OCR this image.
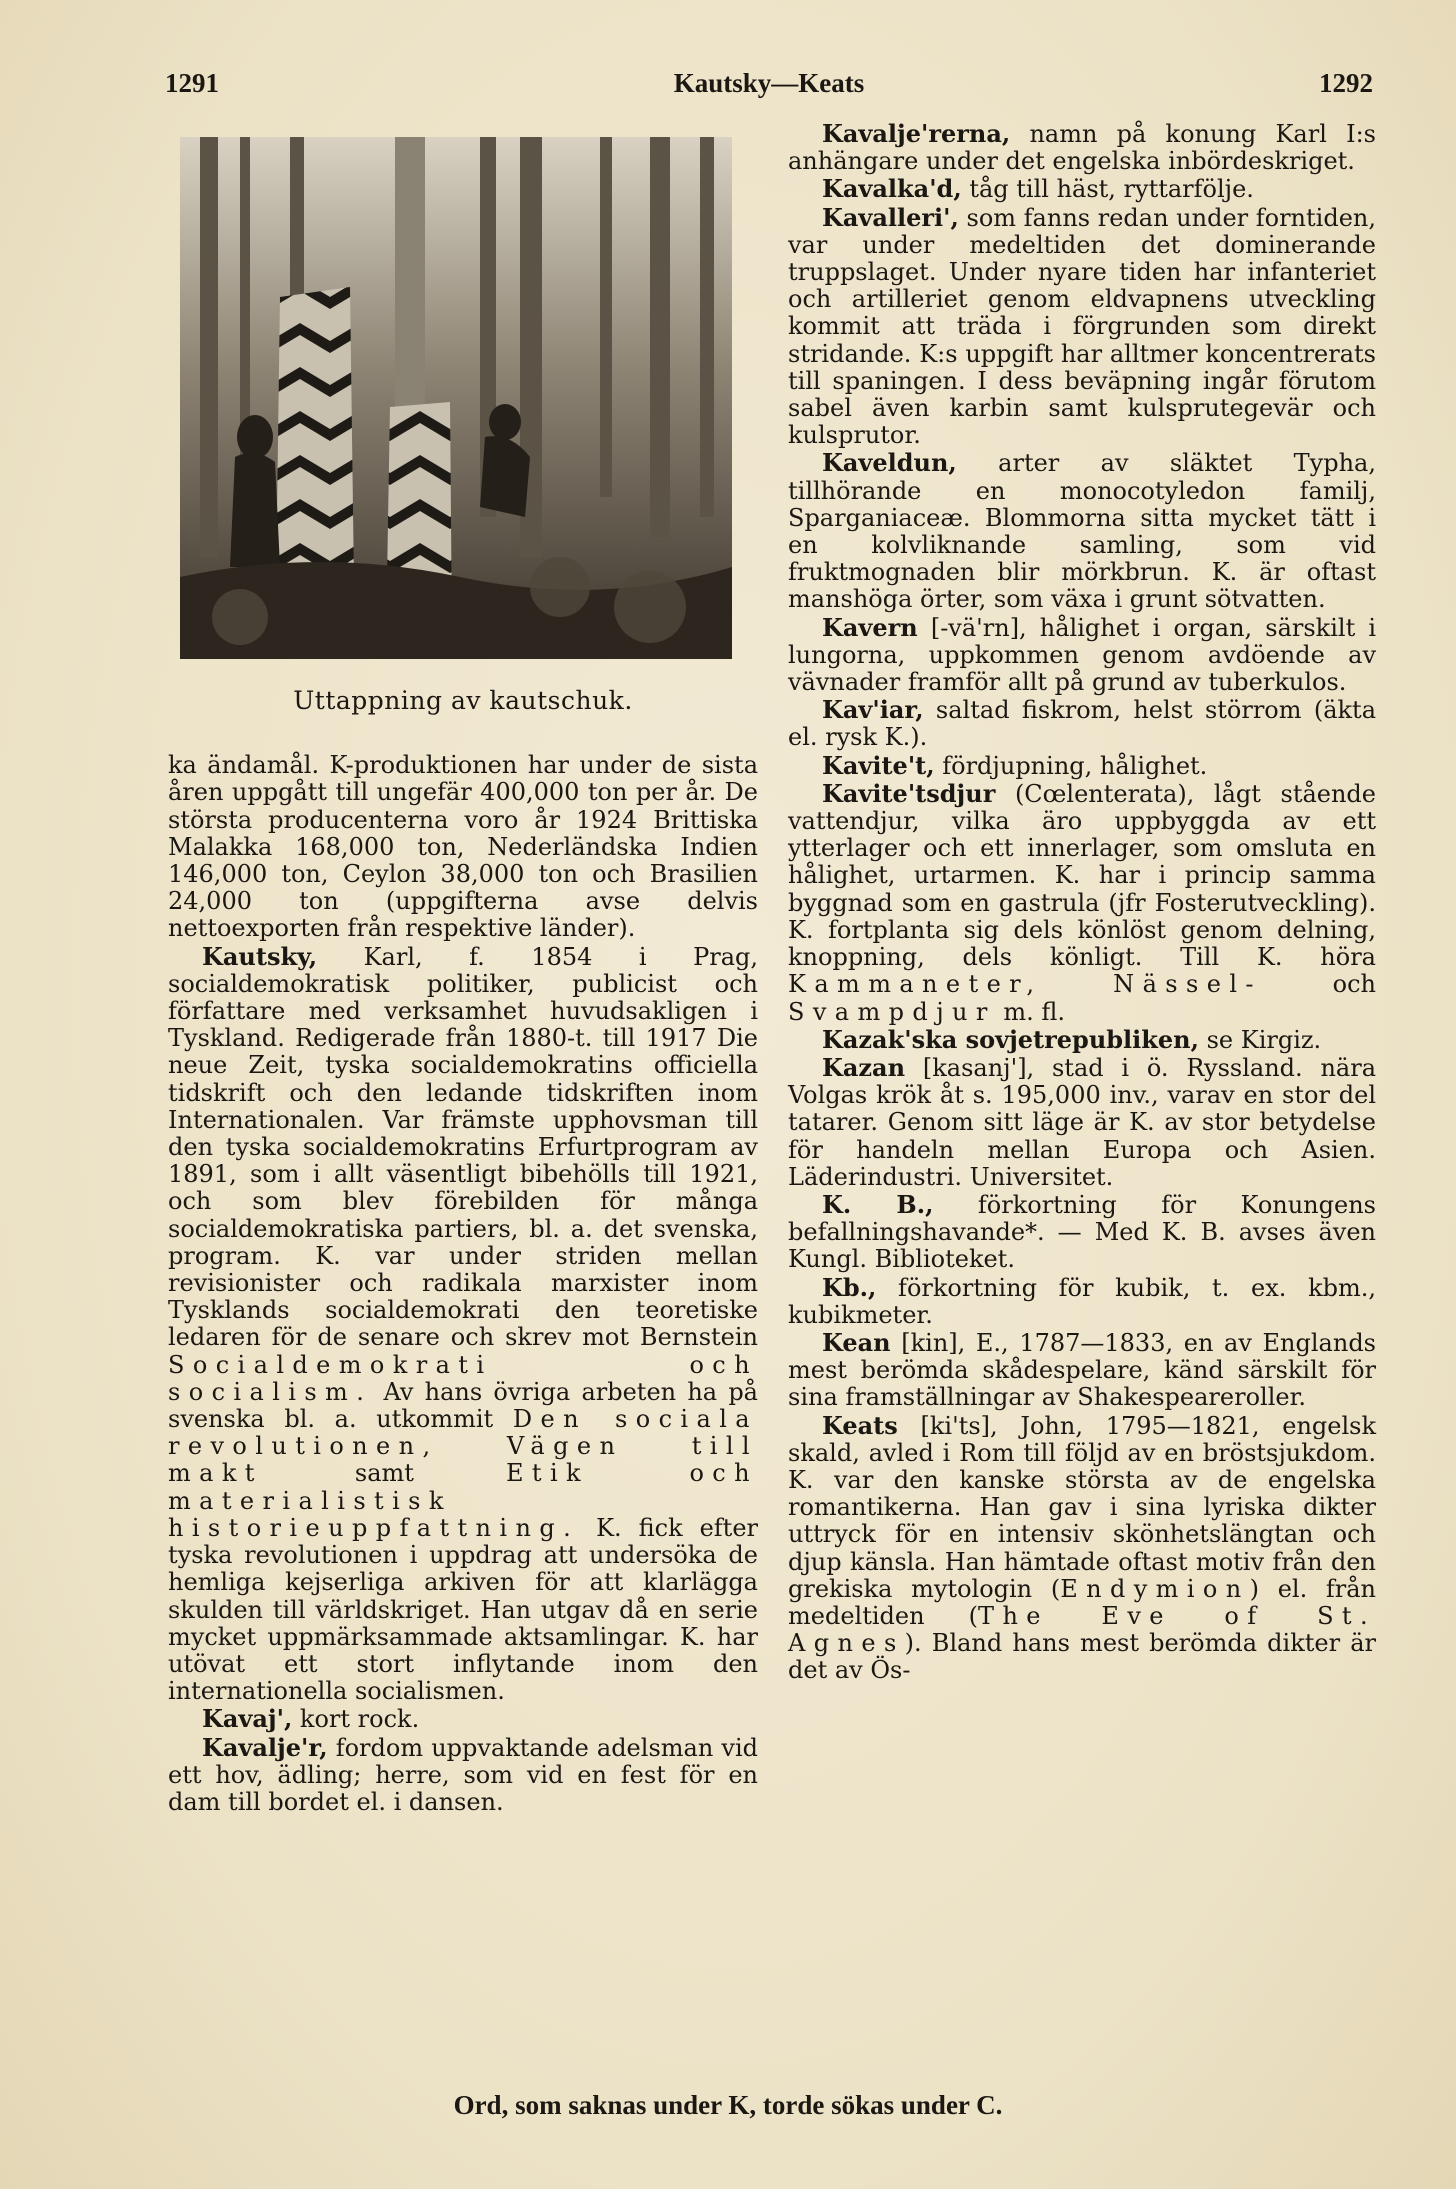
1291	Kautsky—Keats	1292
Uttappning av kautschuk.

ka ändamål. K-produktionen har under de sista åren uppgått till ungefär 400,000 ton per år. De största producenterna voro år 1924 Brittiska Malakka 168,000 ton, Nederländska Indien 146,000 ton, Ceylon 38,000 ton och Brasilien 24,000 ton (uppgifterna avse delvis nettoexporten från respektive länder).

Kautsky, Karl, f. 1854 i Prag, socialdemokratisk politiker, publicist och författare med verksamhet huvudsakligen i Tyskland. Redigerade från 1880-t. till 1917 Die neue Zeit, tyska socialdemokratins officiella tidskrift och den ledande tidskriften inom Internationalen. Var främste upphovsman till den tyska socialdemokratins Erfurtprogram av 1891, som i allt väsentligt bibehölls till 1921, och som blev förebilden för många socialdemokratiska partiers, bl. a. det svenska, program. K. var under striden mellan revisionister och radikala marxister inom Tysklands socialdemokrati den teoretiske ledaren för de senare och skrev mot Bernstein Socialdemokrati och socialism. Av hans övriga arbeten ha på svenska bl. a. utkommit Den sociala revolutionen, Vägen till makt samt Etik och materialistisk historieuppfattning. K. fick efter tyska revolutionen i uppdrag att undersöka de hemliga kejserliga arkiven för att klarlägga skulden till världskriget. Han utgav då en serie mycket uppmärksammade aktsamlingar. K. har utövat ett stort inflytande inom den internationella socialismen.

Kavaj', kort rock.

Kavalje'r, fordom uppvaktande adelsman vid ett hov, ädling; herre, som vid en fest för en dam till bordet el. i dansen.

Kavalje'rerna, namn på konung Karl I:s anhängare under det engelska inbördeskriget.

Kavalka'd, tåg till häst, ryttarfölje.

Kavalleri', som fanns redan under forntiden, var under medeltiden det dominerande truppslaget. Under nyare tiden har infanteriet och artilleriet genom eldvapnens utveckling kommit att träda i förgrunden som direkt stridande. K:s uppgift har alltmer koncentrerats till spaningen. I dess beväpning ingår förutom sabel även karbin samt kulsprutegevär och kulsprutor.

Kaveldun, arter av släktet Typha, tillhörande en monocotyledon familj, Sparganiaceæ. Blommorna sitta mycket tätt i en kolvliknande samling, som vid fruktmognaden blir mörkbrun. K. är oftast manshöga örter, som växa i grunt sötvatten.

Kavern [-vä'rn], hålighet i organ, särskilt i lungorna, uppkommen genom avdöende av vävnader framför allt på grund av tuberkulos.

Kav'iar, saltad fiskrom, helst störrom (äkta el. rysk K.).

Kavite't, fördjupning, hålighet.

Kavite'tsdjur (Cœlenterata), lågt stående vattendjur, vilka äro uppbyggda av ett ytterlager och ett innerlager, som omsluta en hålighet, urtarmen. K. har i princip samma byggnad som en gastrula (jfr Fosterutveckling). K. fortplanta sig dels könlöst genom delning, knoppning, dels könligt. Till K. höra Kammaneter,	Nässel- och Svampdjur m. fl.

Kazak'ska sovjetrepubliken, se Kirgiz.

Kazan [kasanj'], stad i ö. Ryssland. nära Volgas krök åt s. 195,000 inv., varav en stor del tatarer. Genom sitt läge är K. av stor betydelse för handeln mellan Europa och Asien. Läderindustri. Universitet.

K. B., förkortning för Konungens befallningshavande*. — Med K. B. avses även Kungl. Biblioteket.

Kb., förkortning för kubik, t. ex. kbm., kubikmeter.

Kean [kin], E., 1787—1833, en av Englands mest berömda skådespelare, känd särskilt för sina framställningar av Shakespeareroller.

Keats [ki'ts], John, 1795—1821, engelsk skald, avled i Rom till följd av en bröstsjukdom. K. var den kanske största av de engelska romantikerna. Han gav i sina lyriska dikter uttryck för en intensiv skönhetslängtan och djup känsla. Han hämtade oftast motiv från den grekiska mytologin (Endymion) el. från medeltiden (The Eve of St. Agnes). Bland hans mest berömda dikter är det av Ös-

Ord, som saknas under K, torde sökas under C.
